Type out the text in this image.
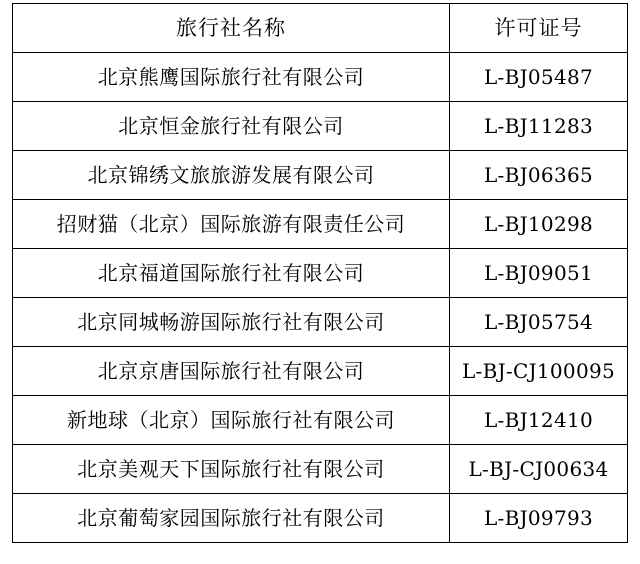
旅行社名称	许可证号
北京熊鹰国际旅行社有限公司	L-BJ05487
北京恒金旅行社有限公司	L-BJ11283
北京锦绣文旅旅游发展有限公司	L-BJ06365
招财猫（北京）国际旅游有限责任公司	L-BJ10298
北京福道国际旅行社有限公司	L-BJ09051
北京同城畅游国际旅行社有限公司	L-BJ05754
北京京唐国际旅行社有限公司	L-BJ-CJ100095
新地球（北京）国际旅行社有限公司	L-BJ12410
北京美观天下国际旅行社有限公司	L-BJ-CJ00634
北京葡萄家园国际旅行社有限公司	L-BJ09793
